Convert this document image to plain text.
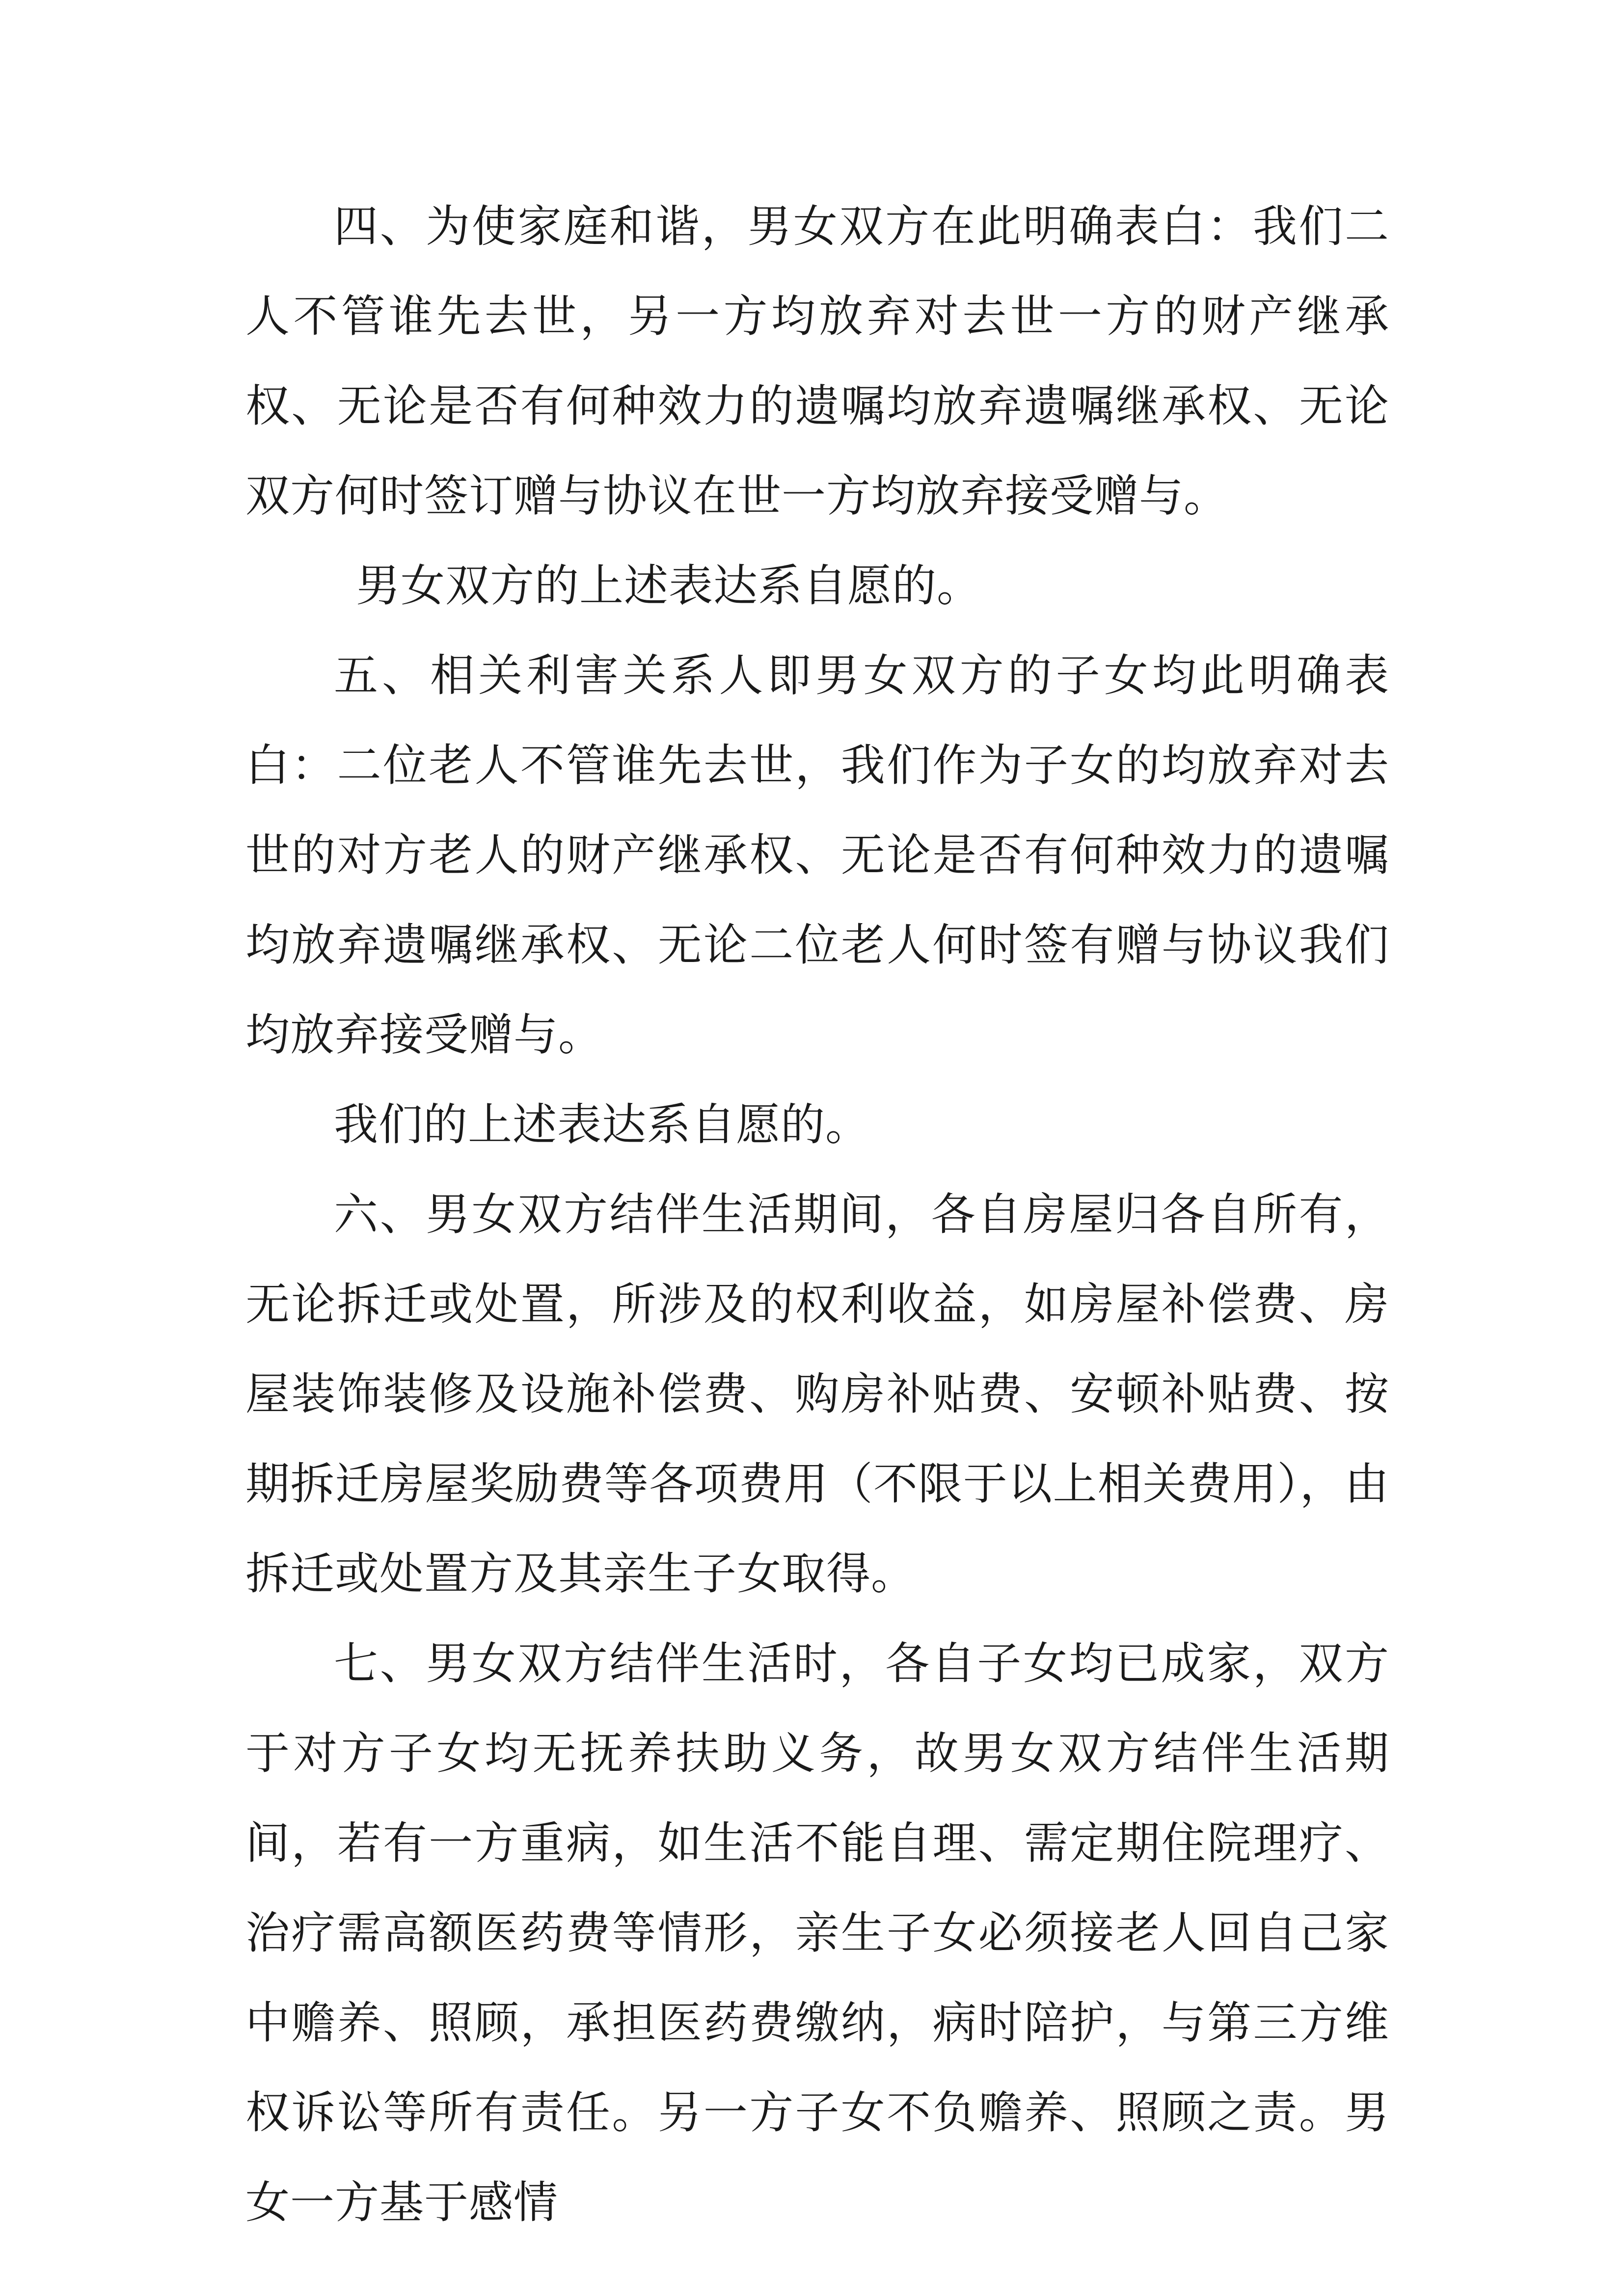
四、为使家庭和谐，男女双方在此明确表白：我们二人不管谁先去世，另一方均放弃对去世一方的财产继承权、无论是否有何种效力的遗嘱均放弃遗嘱继承权、无论双方何时签订赠与协议在世一方均放弃接受赠与。

男女双方的上述表达系自愿的。

五、相关利害关系人即男女双方的子女均此明确表白：二位老人不管谁先去世，我们作为子女的均放弃对去世的对方老人的财产继承权、无论是否有何种效力的遗嘱均放弃遗嘱继承权、无论二位老人何时签有赠与协议我们均放弃接受赠与。

我们的上述表达系自愿的。

六、男女双方结伴生活期间，各自房屋归各自所有，无论拆迁或处置，所涉及的权利收益，如房屋补偿费、房屋装饰装修及设施补偿费、购房补贴费、安顿补贴费、按期拆迁房屋奖励费等各项费用（不限于以上相关费用），由拆迁或处置方及其亲生子女取得。

七、男女双方结伴生活时，各自子女均已成家，双方于对方子女均无抚养扶助义务，故男女双方结伴生活期间，若有一方重病，如生活不能自理、需定期住院理疗、治疗需高额医药费等情形，亲生子女必须接老人回自己家中赡养、照顾，承担医药费缴纳，病时陪护，与第三方维权诉讼等所有责任。另一方子女不负赡养、照顾之责。男女一方基于感情
